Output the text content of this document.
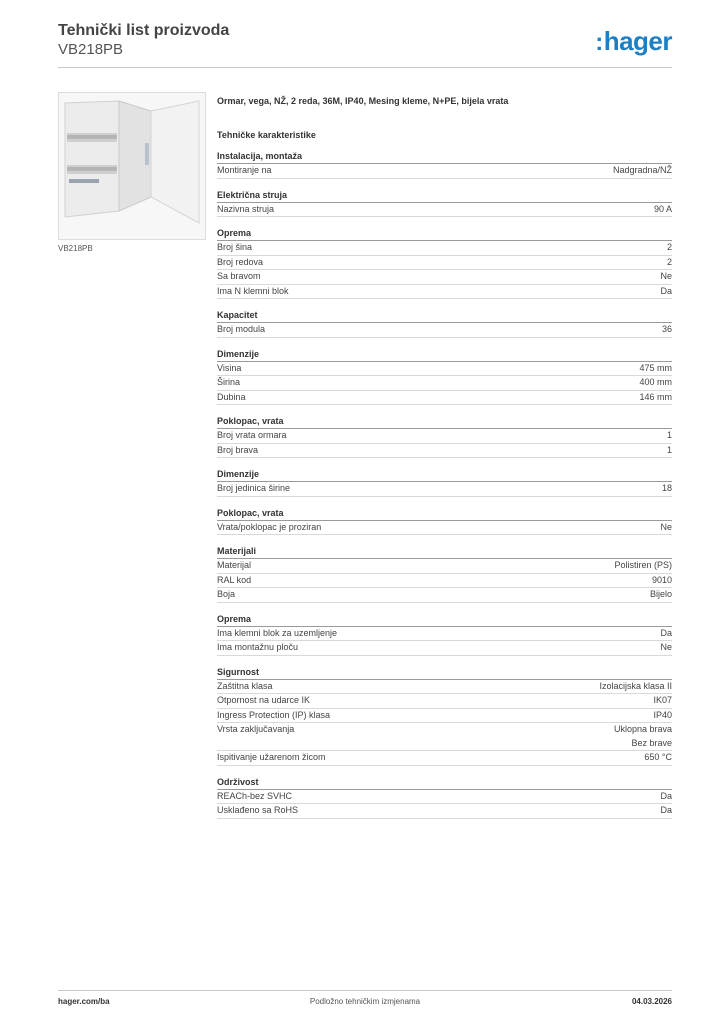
Tehnički list proizvoda
VB218PB	:hager
VB218PB
Ormar, vega, NŽ, 2 reda, 36M, IP40, Mesing kleme, N+PE, bijela vrata
Tehničke karakteristike
Instalacija, montaža
Montiranje na	Nadgradna/NŽ
Električna struja
Nazivna struja	90 A
Oprema
Broj šina	2
Broj redova	2
Sa bravom	Ne
Ima N klemni blok	Da
Kapacitet
Broj modula	36
Dimenzije
Visina	475 mm
Širina	400 mm
Dubina	146 mm
Poklopac, vrata
Broj vrata ormara	1
Broj brava	1
Dimenzije
Broj jedinica širine	18
Poklopac, vrata
Vrata/poklopac je proziran	Ne
Materijali
Materijal	Polistiren (PS)
RAL kod	9010
Boja	Bijelo
Oprema
Ima klemni blok za uzemljenje	Da
Ima montažnu ploču	Ne
Sigurnost
Zaštitna klasa	Izolacijska klasa II
Otpornost na udarce IK	IK07
Ingress Protection (IP) klasa	IP40
Vrsta zaključavanja	Uklopna brava
Bez brave
Ispitivanje užarenom žicom	650 °C
Održivost
REACh-bez SVHC	Da
Usklađeno sa RoHS	Da
hager.com/ba	Podložno tehničkim izmjenama	04.03.2026
